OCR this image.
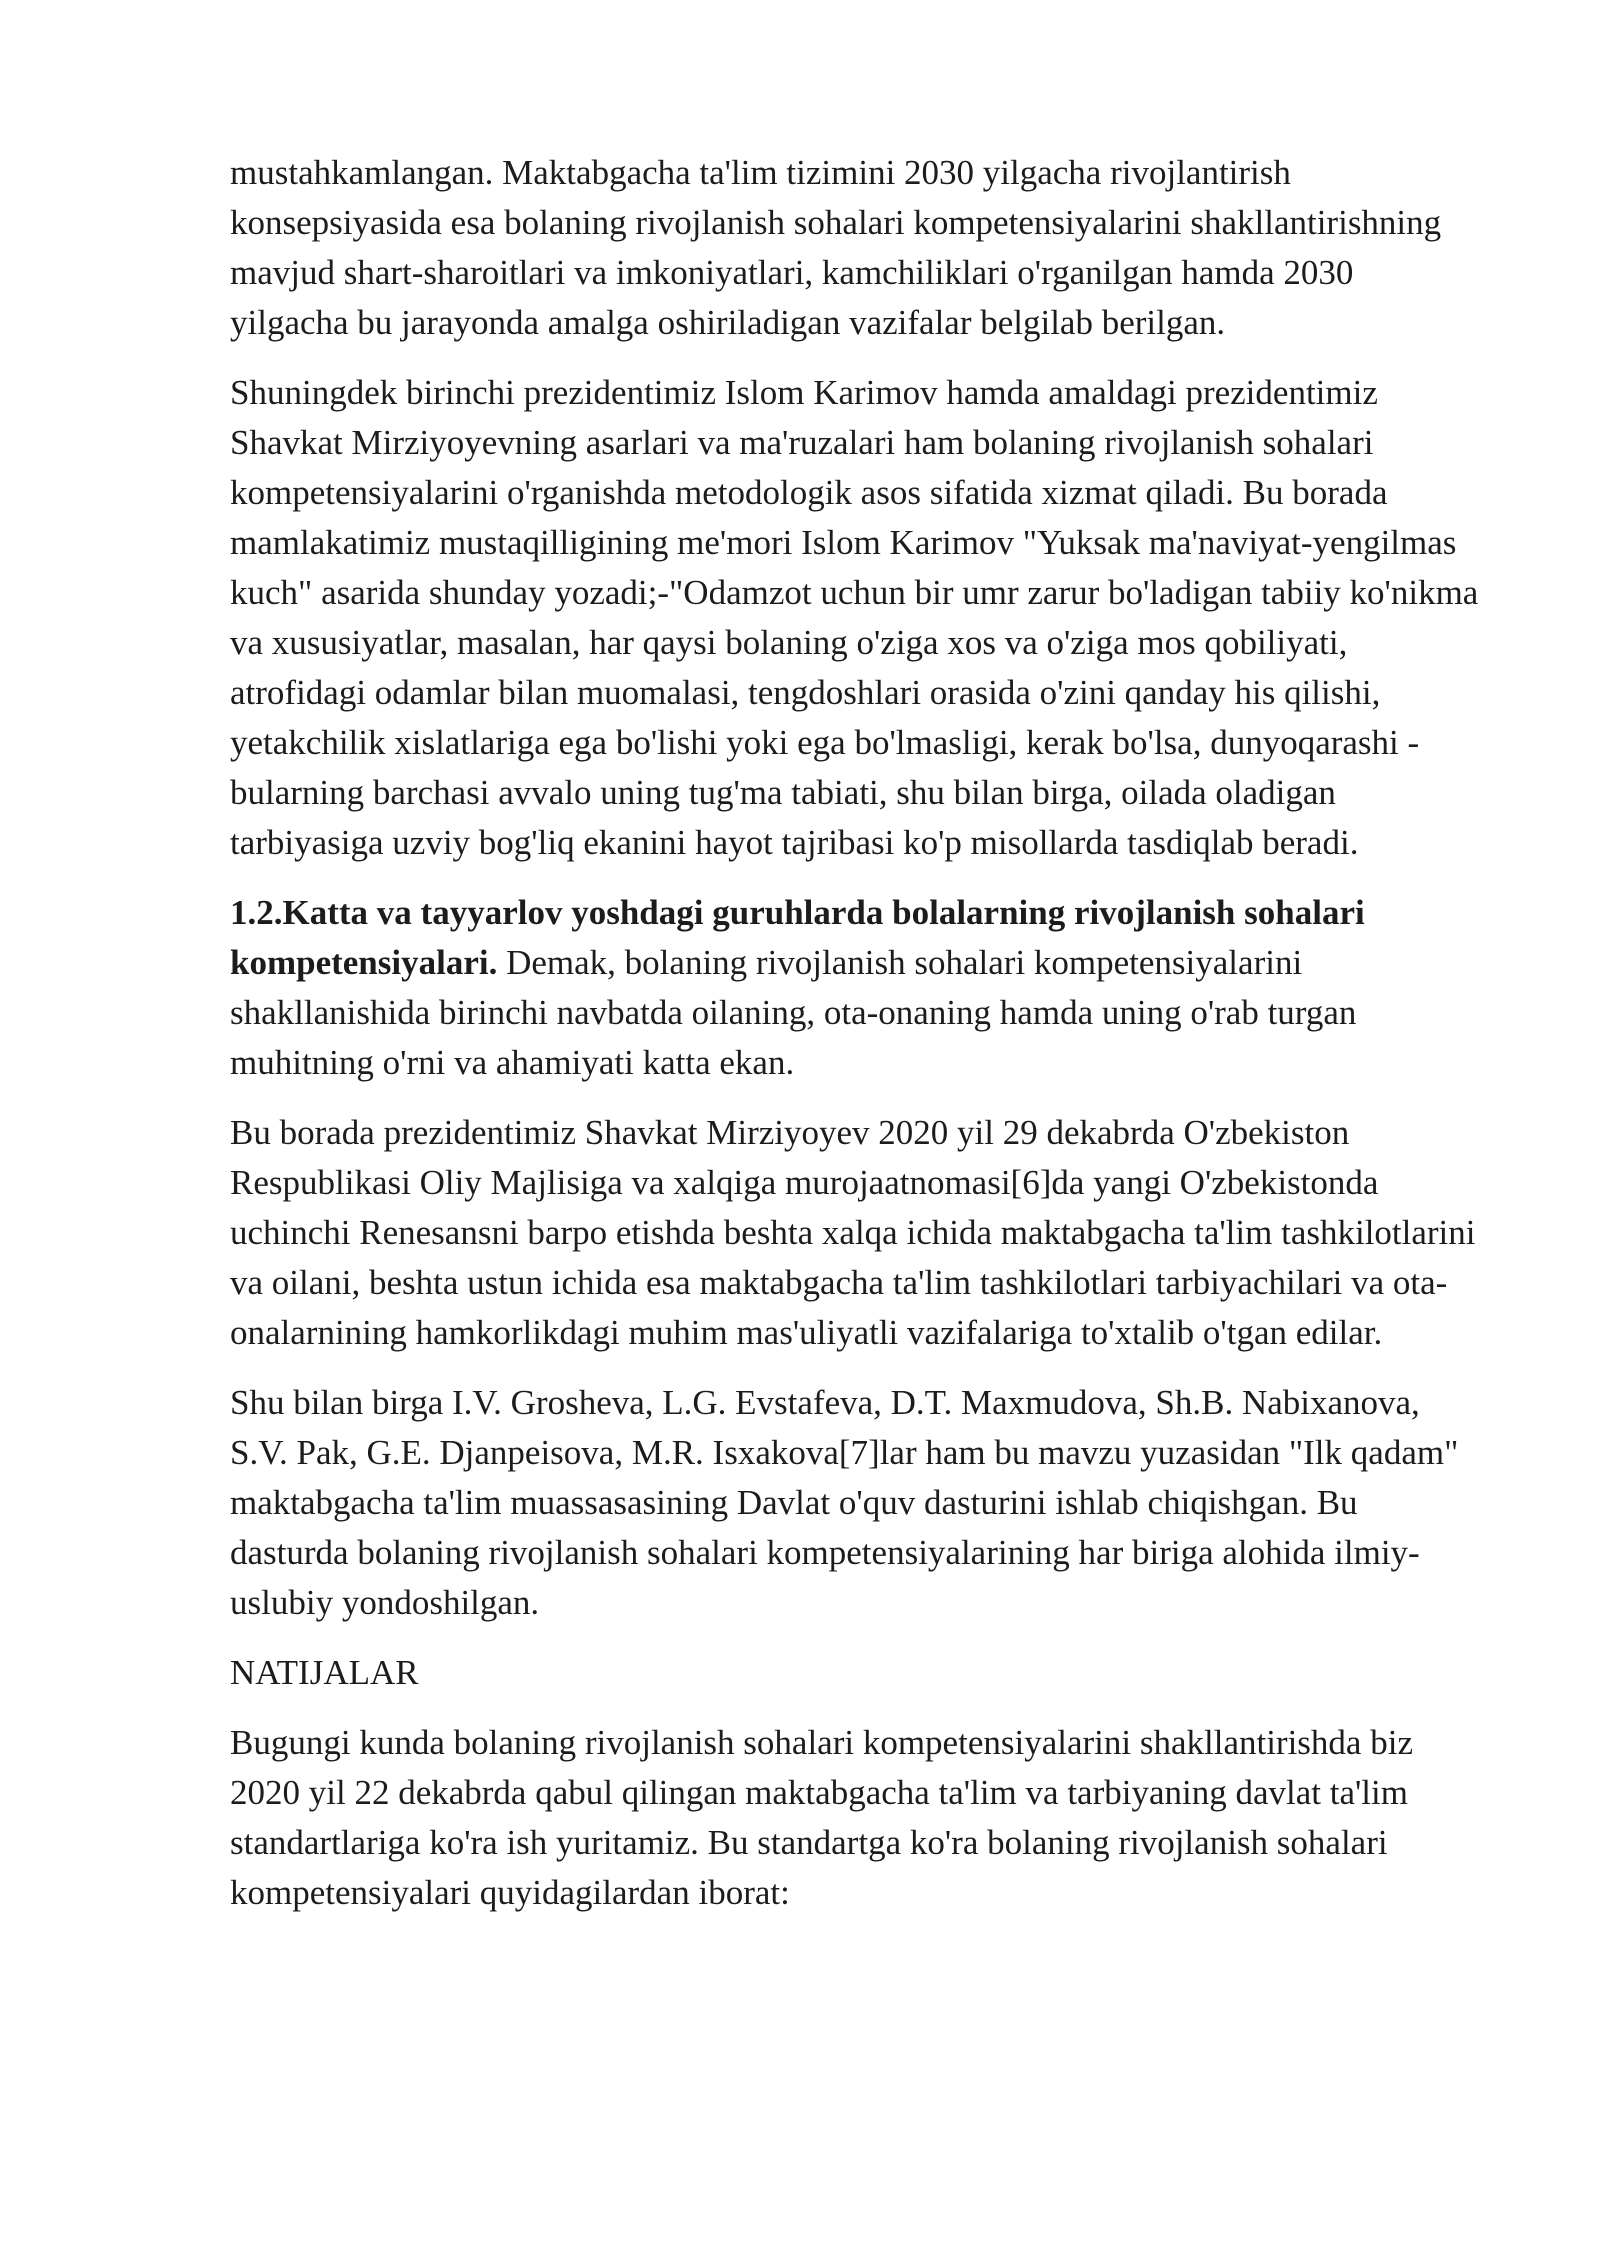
mustahkamlangan. Maktabgacha ta'lim tizimini 2030 yilgacha rivojlantirish konsepsiyasida esa bolaning rivojlanish sohalari kompetensiyalarini shakllantirishning mavjud shart-sharoitlari va imkoniyatlari, kamchiliklari o'rganilgan hamda 2030 yilgacha bu jarayonda amalga oshiriladigan vazifalar belgilab berilgan.

Shuningdek birinchi prezidentimiz Islom Karimov hamda amaldagi prezidentimiz Shavkat Mirziyoyevning asarlari va ma'ruzalari ham bolaning rivojlanish sohalari kompetensiyalarini o'rganishda metodologik asos sifatida xizmat qiladi. Bu borada mamlakatimiz mustaqilligining me'mori Islom Karimov "Yuksak ma'naviyat-yengilmas kuch" asarida shunday yozadi;-"Odamzot uchun bir umr zarur bo'ladigan tabiiy ko'nikma va xususiyatlar, masalan, har qaysi bolaning o'ziga xos va o'ziga mos qobiliyati, atrofidagi odamlar bilan muomalasi, tengdoshlari orasida o'zini qanday his qilishi, yetakchilik xislatlariga ega bo'lishi yoki ega bo'lmasligi, kerak bo'lsa, dunyoqarashi - bularning barchasi avvalo uning tug'ma tabiati, shu bilan birga, oilada oladigan tarbiyasiga uzviy bog'liq ekanini hayot tajribasi ko'p misollarda tasdiqlab beradi.

1.2.Katta va tayyarlov yoshdagi guruhlarda bolalarning rivojlanish sohalari kompetensiyalari. Demak, bolaning rivojlanish sohalari kompetensiyalarini shakllanishida birinchi navbatda oilaning, ota-onaning hamda uning o'rab turgan muhitning o'rni va ahamiyati katta ekan.

Bu borada prezidentimiz Shavkat Mirziyoyev 2020 yil 29 dekabrda O'zbekiston Respublikasi Oliy Majlisiga va xalqiga murojaatnomasi[6]da yangi O'zbekistonda uchinchi Renesansni barpo etishda beshta xalqa ichida maktabgacha ta'lim tashkilotlarini va oilani, beshta ustun ichida esa maktabgacha ta'lim tashkilotlari tarbiyachilari va ota-onalarnining hamkorlikdagi muhim mas'uliyatli vazifalariga to'xtalib o'tgan edilar.

Shu bilan birga I.V. Grosheva, L.G. Evstafeva, D.T. Maxmudova, Sh.B. Nabixanova, S.V. Pak, G.E. Djanpeisova, M.R. Isxakova[7]lar ham bu mavzu yuzasidan "Ilk qadam" maktabgacha ta'lim muassasasining Davlat o'quv dasturini ishlab chiqishgan. Bu dasturda bolaning rivojlanish sohalari kompetensiyalarining har biriga alohida ilmiy-uslubiy yondoshilgan.

NATIJALAR

Bugungi kunda bolaning rivojlanish sohalari kompetensiyalarini shakllantirishda biz 2020 yil 22 dekabrda qabul qilingan maktabgacha ta'lim va tarbiyaning davlat ta'lim standartlariga ko'ra ish yuritamiz. Bu standartga ko'ra bolaning rivojlanish sohalari kompetensiyalari quyidagilardan iborat:
